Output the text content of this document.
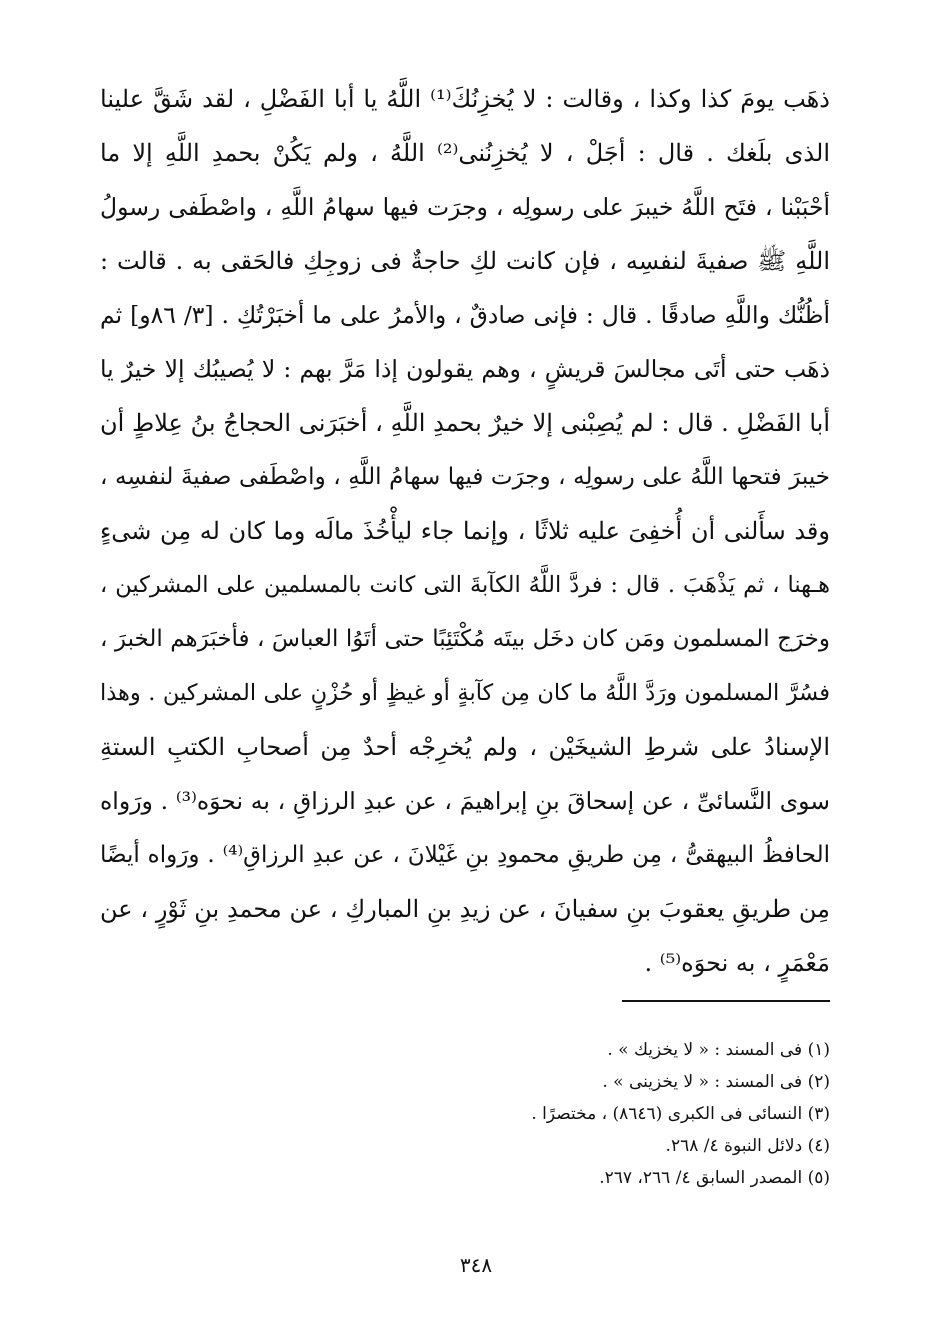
ذهَب يومَ كذا وكذا ، وقالت : لا يُخزِنُكَ⁽¹⁾ اللَّهُ يا أبا الفَضْلِ ، لقد شَقَّ علينا
الذى بلَغك . قال : أجَلْ ، لا يُخزِنُنى⁽²⁾ اللَّهُ ، ولم يَكُنْ بحمدِ اللَّهِ إلا ما
أحْبَبْنا ، فتَح اللَّهُ خيبرَ على رسولِه ، وجرَت فيها سهامُ اللَّهِ ، واصْطَفى رسولُ
اللَّهِ ﷺ صفيةَ لنفسِه ، فإن كانت لكِ حاجةٌ فى زوجِكِ فالحَقى به . قالت :
أظُنُّك واللَّهِ صادقًا . قال : فإنى صادقٌ ، والأمرُ على ما أخبَرْتُكِ . [٣/ ٨٦و] ثم
ذهَب حتى أتَى مجالسَ قريشٍ ، وهم يقولون إذا مَرَّ بهم : لا يُصيبُك إلا خيرٌ يا
أبا الفَضْلِ . قال : لم يُصِبْنى إلا خيرٌ بحمدِ اللَّهِ ، أخبَرَنى الحجاجُ بنُ عِلاطٍ أن
خيبرَ فتحها اللَّهُ على رسولِه ، وجرَت فيها سهامُ اللَّهِ ، واصْطَفى صفيةَ لنفسِه ،
وقد سأَلنى أن أُخفِىَ عليه ثلاثًا ، وإنما جاء ليأْخُذَ مالَه وما كان له مِن شىءٍ
هـهنا ، ثم يَذْهَبَ . قال : فردَّ اللَّهُ الكآبةَ التى كانت بالمسلمين على المشركين ،
وخرَج المسلمون ومَن كان دخَل بيتَه مُكْتَئِبًا حتى أتَوُا العباسَ ، فأخبَرَهم الخبرَ ،
فسُرَّ المسلمون ورَدَّ اللَّهُ ما كان مِن كآبةٍ أو غيظٍ أو حُزْنٍ على المشركين . وهذا
الإسنادُ على شرطِ الشيخَيْن ، ولم يُخرِجْه أحدٌ مِن أصحابِ الكتبِ الستةِ
سوى النَّسائىِّ ، عن إسحاقَ بنِ إبراهيمَ ، عن عبدِ الرزاقِ ، به نحوَه⁽³⁾ . ورَواه
الحافظُ البيهقىُّ ، مِن طريقِ محمودِ بنِ غَيْلانَ ، عن عبدِ الرزاقِ⁽⁴⁾ . ورَواه أيضًا
مِن طريقِ يعقوبَ بنِ سفيانَ ، عن زيدِ بنِ المباركِ ، عن محمدِ بنِ ثَوْرٍ ، عن
مَعْمَرٍ ، به نحوَه⁽⁵⁾ .
(١) فى المسند : « لا يخزيك » .
(٢) فى المسند : « لا يخزينى » .
(٣) النسائى فى الكبرى (٨٦٤٦) ، مختصرًا .
(٤) دلائل النبوة ٤/ ٢٦٨.
(٥) المصدر السابق ٤/ ٢٦٦، ٢٦٧.
٣٤٨
